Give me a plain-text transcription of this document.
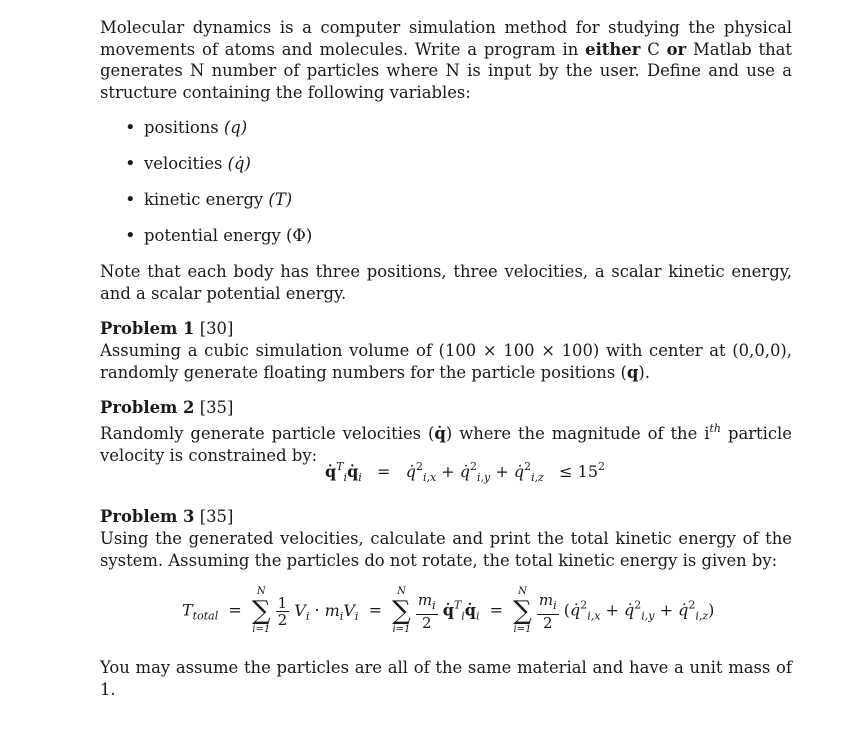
Molecular dynamics is a computer simulation method for studying the physical movements of atoms and molecules. Write a program in either C or Matlab that generates N number of particles where N is input by the user. Define and use a structure containing the following variables:
• positions (q)
• velocities (q̇)
• kinetic energy (T)
• potential energy (Φ)
Note that each body has three positions, three velocities, a scalar kinetic energy, and a scalar potential energy.
Problem 1 [30]
Assuming a cubic simulation volume of (100 × 100 × 100) with center at (0,0,0), randomly generate floating numbers for the particle positions (q).
Problem 2 [35]
Randomly generate particle velocities (q̇) where the magnitude of the $i^{th}$ particle velocity is constrained by:
$q̇^T_iq̇_i$   =   q̇$^2_{i,x}$ + q̇$^2_{i,y}$ + q̇$^2_{i,z}$ ≤ $15^2$
Problem 3 [35]
Using the generated velocities, calculate and print the total kinetic energy of the system. Assuming the particles do not rotate, the total kinetic energy is given by:
$T_{total}$  =
N
∑
i=1

$\frac{1}{2} V_i \cdot m_iV_i$  =
N
∑
i=1
$\frac{m_i}{2}$ $q̇^T_iq̇_i$  =
N
∑
i=1
$\frac{m_i}{2}$ (q̇$^2_{i,x}$ + q̇$^2_{i,y}$ + q̇$^2_{i,z}$)
You may assume the particles are all of the same material and have a unit mass of 1.
